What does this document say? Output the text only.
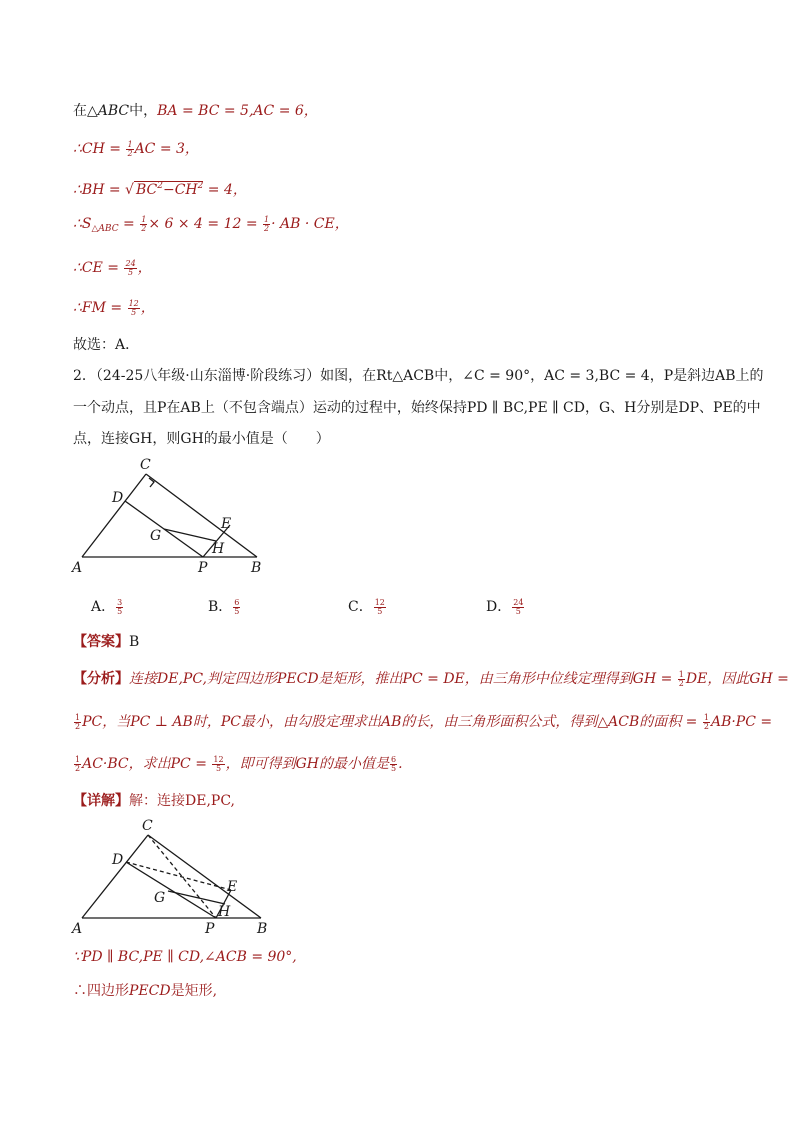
在△ABC中，BA = BC = 5,AC = 6，
∴CH = $\frac{1}{2}$ AC = 3，
∴BH = √ $BC^2-CH^2 = 4$，
$\therefore S_{\triangle ABC} = \frac{1}{2} \times 6 \times 4 = 12 = \frac{1}{2}$ · AB · CE，
∴CE = $\frac{24}{5}$ ，
∴FM = $\frac{12}{5}$ ，
故选：A．
2．（24-25八年级·山东淄博·阶段练习）如图，在Rt△ACB中，∠C = 90°，AC = 3,BC = 4，P是斜边AB上的
一个动点，且P在AB上（不包含端点）运动的过程中，始终保持PD ∥ BC,PE ∥ CD，G、H分别是DP、PE的中
点，连接GH，则GH的最小值是（　　）
C
D
E
G
H
A	P	B
A． $\frac{3}{5}$	B． $\frac{6}{5}$	C． $\frac{12}{5}$	D． $\frac{24}{5}$
【答案】B
【分析】连接DE,PC,判定四边形PECD是矩形，推出PC = DE，由三角形中位线定理得到GH = $\frac{1}{2}$ DE，因此GH =
$\frac{1}{2}$ PC，当PC ⊥ AB时，PC最小，由勾股定理求出AB的长，由三角形面积公式，得到△ACB的面积 = $\frac{1}{2} AB\cdot PC$ =
$\frac{1}{2} AC\cdot BC$，求出PC = $\frac{12}{5}$ ，即可得到GH的最小值是 $\frac{6}{5}$ .
【详解】解：连接DE,PC,
C
D
E
G
H
A	P	B
∵PD ∥ BC,PE ∥ CD,∠ACB = 90°,
∴四边形PECD是矩形,
